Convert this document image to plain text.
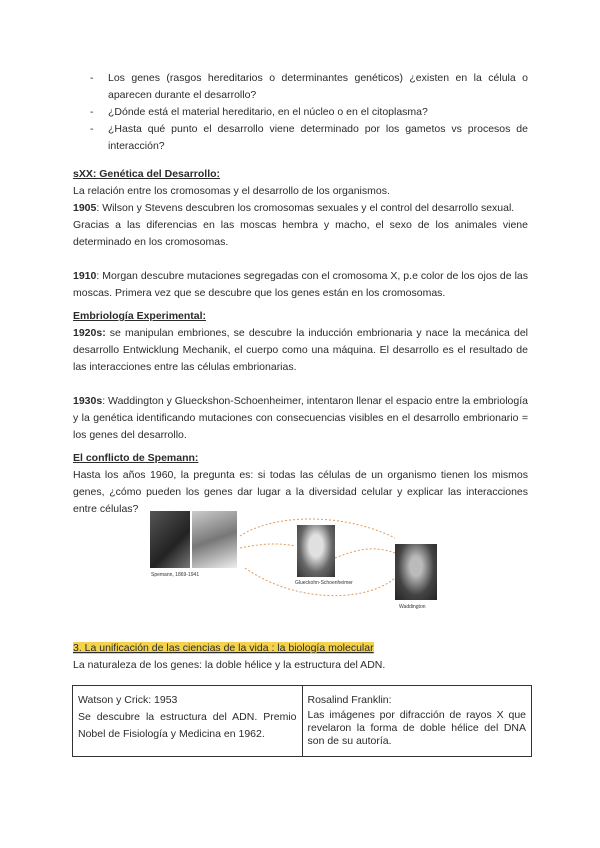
- Los genes (rasgos hereditarios o determinantes genéticos) ¿existen en la célula o aparecen durante el desarrollo?
- ¿Dónde está el material hereditario, en el núcleo o en el citoplasma?
- ¿Hasta qué punto el desarrollo viene determinado por los gametos vs procesos de interacción?
sXX: Genética del Desarrollo:
La relación entre los cromosomas y el desarrollo de los organismos.
1905: Wilson y Stevens descubren los cromosomas sexuales y el control del desarrollo sexual.
Gracias a las diferencias en las moscas hembra y macho, el sexo de los animales viene determinado en los cromosomas.
1910: Morgan descubre mutaciones segregadas con el cromosoma X, p.e color de los ojos de las moscas. Primera vez que se descubre que los genes están en los cromosomas.
Embriología Experimental:
1920s: se manipulan embriones, se descubre la inducción embrionaria y nace la mecánica del desarrollo Entwicklung Mechanik, el cuerpo como una máquina. El desarrollo es el resultado de las interacciones entre las células embrionarias.
1930s: Waddington y Glueckshon-Schoenheimer, intentaron llenar el espacio entre la embriología y la genética identificando mutaciones con consecuencias visibles en el desarrollo embrionario = los genes del desarrollo.
El conflicto de Spemann:
Hasta los años 1960, la pregunta es: si todas las células de un organismo tienen los mismos genes, ¿cómo pueden los genes dar lugar a la diversidad celular y explicar las interacciones entre células?
Spemann, 1869-1941
Glueckohn-Schoenheimer
Waddington
3. La unificación de las ciencias de la vida : la biología molecular
La naturaleza de los genes: la doble hélice y la estructura del ADN.
Watson y Crick: 1953
Se descubre la estructura del ADN. Premio Nobel de Fisiología y Medicina en 1962.

Rosalind Franklin:
Las imágenes por difracción de rayos X que revelaron la forma de doble hélice del DNA son de su autoría.
